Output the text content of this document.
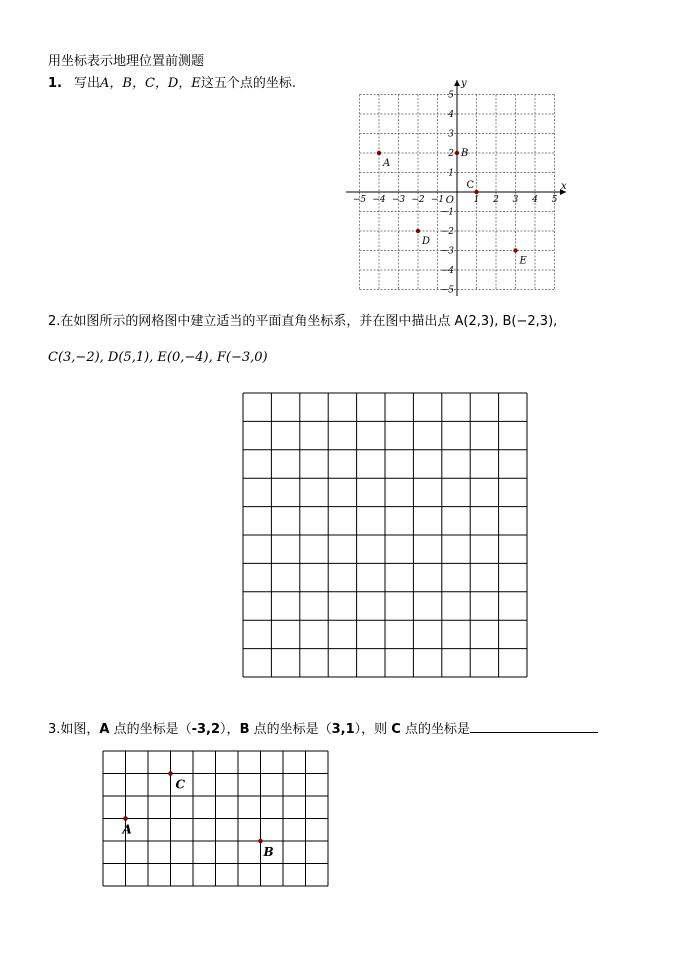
用坐标表示地理位置前测题
1. 写出A，B，C，D，E这五个点的坐标.
−5 −4 −3 −2 −1	1 2 3 4 5
5
4
3
2
1
−1
−2
−3
−4
−5
O
x
y
A
B
C
D
E
2.在如图所示的网格图中建立适当的平面直角坐标系，并在图中描出点 A(2,3), B(−2,3),
C(3,−2), D(5,1), E(0,−4), F(−3,0)
3.如图，A 点的坐标是（-3,2），B 点的坐标是（3,1），则 C 点的坐标是
A
B
C
